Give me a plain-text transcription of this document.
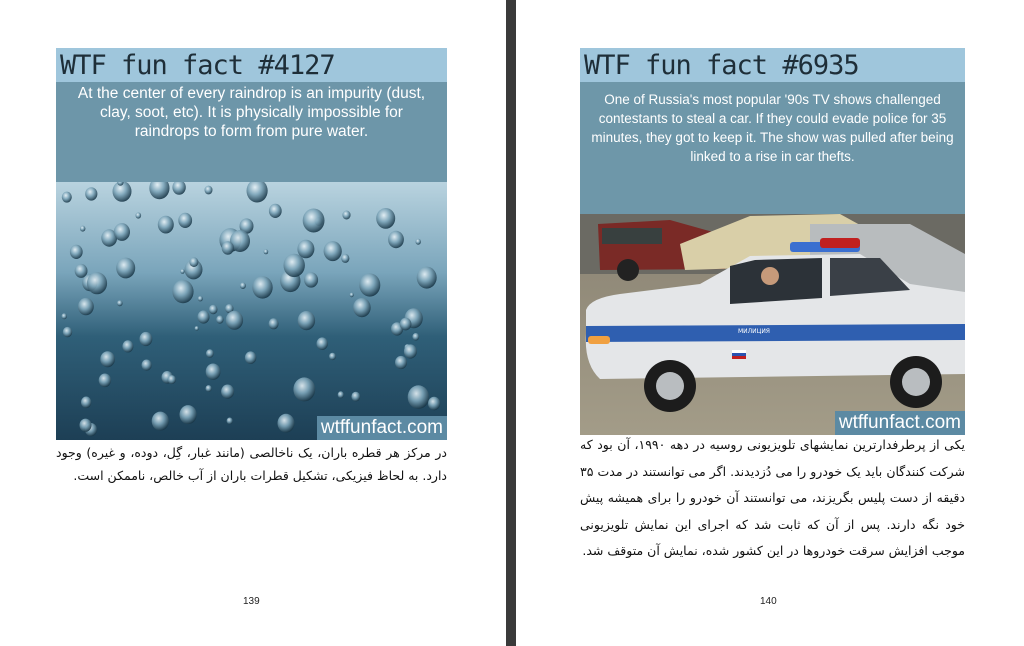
WTF fun fact #4127
At the center of every raindrop is an impurity (dust, clay, soot, etc). It is physically impossible for raindrops to form from pure water.
wtffunfact.com
در مرکز هر قطره باران، یک ناخالصی (مانند غبار، گِل، دوده، و غیره) وجود دارد. به لحاظ فیزیکی، تشکیل قطرات باران از آب خالص، ناممکن است.
139
WTF fun fact #6935
One of Russia's most popular '90s TV shows challenged contestants to steal a car. If they could evade police for 35 minutes, they got to keep it. The show was pulled after being linked to a rise in car thefts.
МИЛИЦИЯ
wtffunfact.com
یکی از پرطرفدارترین نمایشهای تلویزیونی روسیه در دهه ۱۹۹۰، آن بود که شرکت کنندگان باید یک خودرو را می دُزدیدند. اگر می توانستند در مدت ۳۵ دقیقه از دست پلیس بگریزند، می توانستند آن خودرو را برای همیشه پیش خود نگه دارند. پس از آن که ثابت شد که اجرای این نمایش تلویزیونی موجب افزایش سرقت خودروها در این کشور شده، نمایش آن متوقف شد.
140
